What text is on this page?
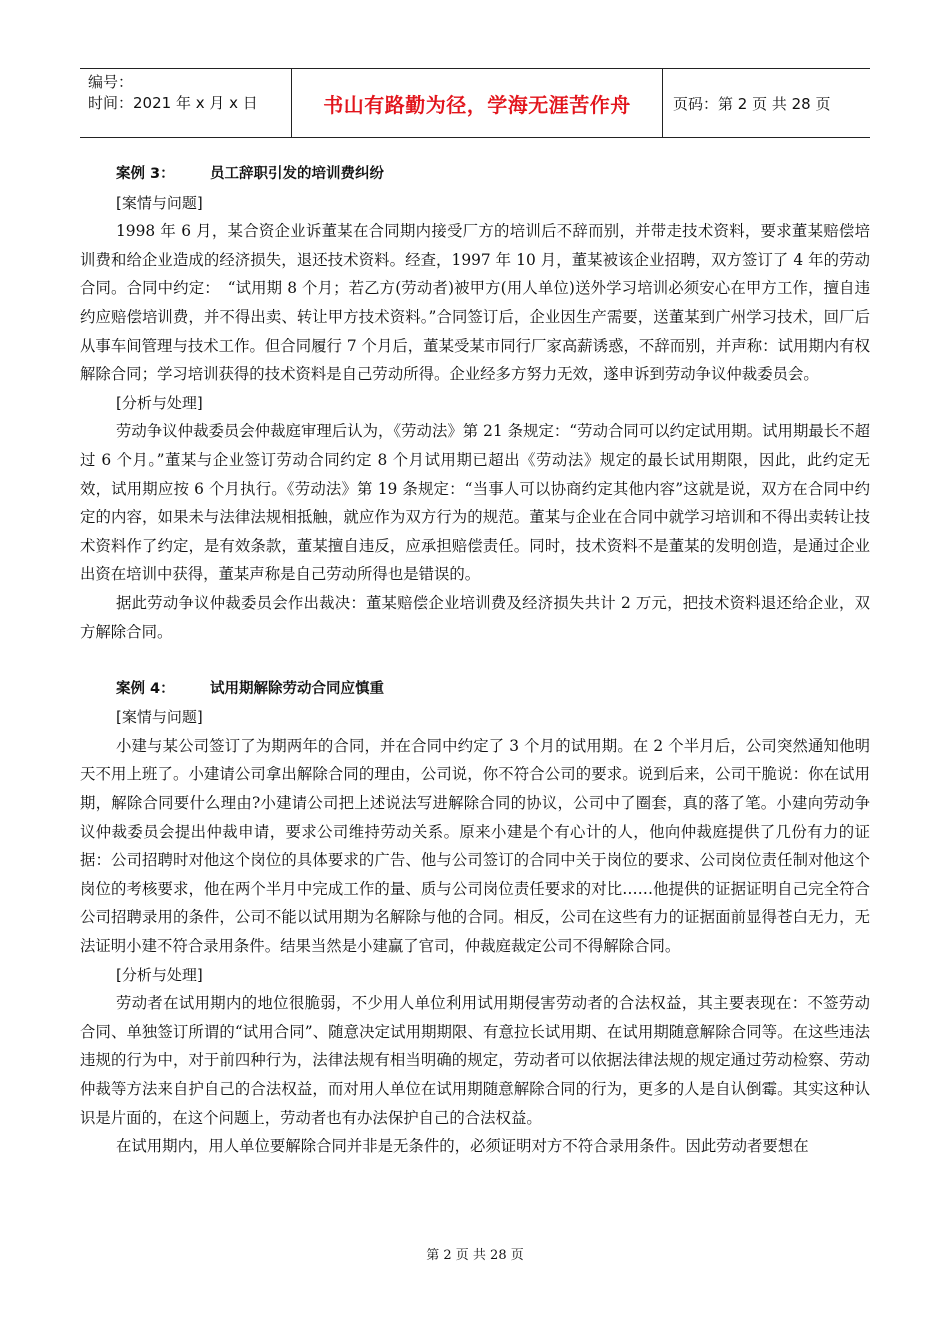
编号：
时间：2021 年 x 月 x 日	书山有路勤为径，学海无涯苦作舟	页码：第 2 页 共 28 页
案例 3： 员工辞职引发的培训费纠纷
[案情与问题]

1998 年 6 月，某合资企业诉董某在合同期内接受厂方的培训后不辞而别，并带走技术资料，要求董某赔偿培训费和给企业造成的经济损失，退还技术资料。经查，1997 年 10 月，董某被该企业招聘，双方签订了 4 年的劳动合同。合同中约定：　“试用期 8 个月；若乙方(劳动者)被甲方(用人单位)送外学习培训必须安心在甲方工作，擅自违约应赔偿培训费，并不得出卖、转让甲方技术资料。”合同签订后，企业因生产需要，送董某到广州学习技术，回厂后从事车间管理与技术工作。但合同履行 7 个月后，董某受某市同行厂家高薪诱惑，不辞而别，并声称：试用期内有权解除合同；学习培训获得的技术资料是自己劳动所得。企业经多方努力无效，遂申诉到劳动争议仲裁委员会。

[分析与处理]

劳动争议仲裁委员会仲裁庭审理后认为，《劳动法》第 21 条规定：“劳动合同可以约定试用期。试用期最长不超过 6 个月。”董某与企业签订劳动合同约定 8 个月试用期已超出《劳动法》规定的最长试用期限，因此，此约定无效，试用期应按 6 个月执行。《劳动法》第 19 条规定：“当事人可以协商约定其他内容”这就是说，双方在合同中约定的内容，如果未与法律法规相抵触，就应作为双方行为的规范。董某与企业在合同中就学习培训和不得出卖转让技术资料作了约定，是有效条款，董某擅自违反，应承担赔偿责任。同时，技术资料不是董某的发明创造，是通过企业出资在培训中获得，董某声称是自己劳动所得也是错误的。

据此劳动争议仲裁委员会作出裁决：董某赔偿企业培训费及经济损失共计 2 万元，把技术资料退还给企业，双方解除合同。

案例 4： 试用期解除劳动合同应慎重
[案情与问题]

小建与某公司签订了为期两年的合同，并在合同中约定了 3 个月的试用期。在 2 个半月后，公司突然通知他明天不用上班了。小建请公司拿出解除合同的理由，公司说，你不符合公司的要求。说到后来，公司干脆说：你在试用期，解除合同要什么理由?小建请公司把上述说法写进解除合同的协议，公司中了圈套，真的落了笔。小建向劳动争议仲裁委员会提出仲裁申请，要求公司维持劳动关系。原来小建是个有心计的人，他向仲裁庭提供了几份有力的证据：公司招聘时对他这个岗位的具体要求的广告、他与公司签订的合同中关于岗位的要求、公司岗位责任制对他这个岗位的考核要求，他在两个半月中完成工作的量、质与公司岗位责任要求的对比……他提供的证据证明自己完全符合公司招聘录用的条件，公司不能以试用期为名解除与他的合同。相反，公司在这些有力的证据面前显得苍白无力，无法证明小建不符合录用条件。结果当然是小建赢了官司，仲裁庭裁定公司不得解除合同。

[分析与处理]

劳动者在试用期内的地位很脆弱，不少用人单位利用试用期侵害劳动者的合法权益，其主要表现在：不签劳动合同、单独签订所谓的“试用合同”、随意决定试用期期限、有意拉长试用期、在试用期随意解除合同等。在这些违法违规的行为中，对于前四种行为，法律法规有相当明确的规定，劳动者可以依据法律法规的规定通过劳动检察、劳动仲裁等方法来自护自己的合法权益，而对用人单位在试用期随意解除合同的行为，更多的人是自认倒霉。其实这种认识是片面的，在这个问题上，劳动者也有办法保护自己的合法权益。

在试用期内，用人单位要解除合同并非是无条件的，必须证明对方不符合录用条件。因此劳动者要想在

第 2 页 共 28 页
